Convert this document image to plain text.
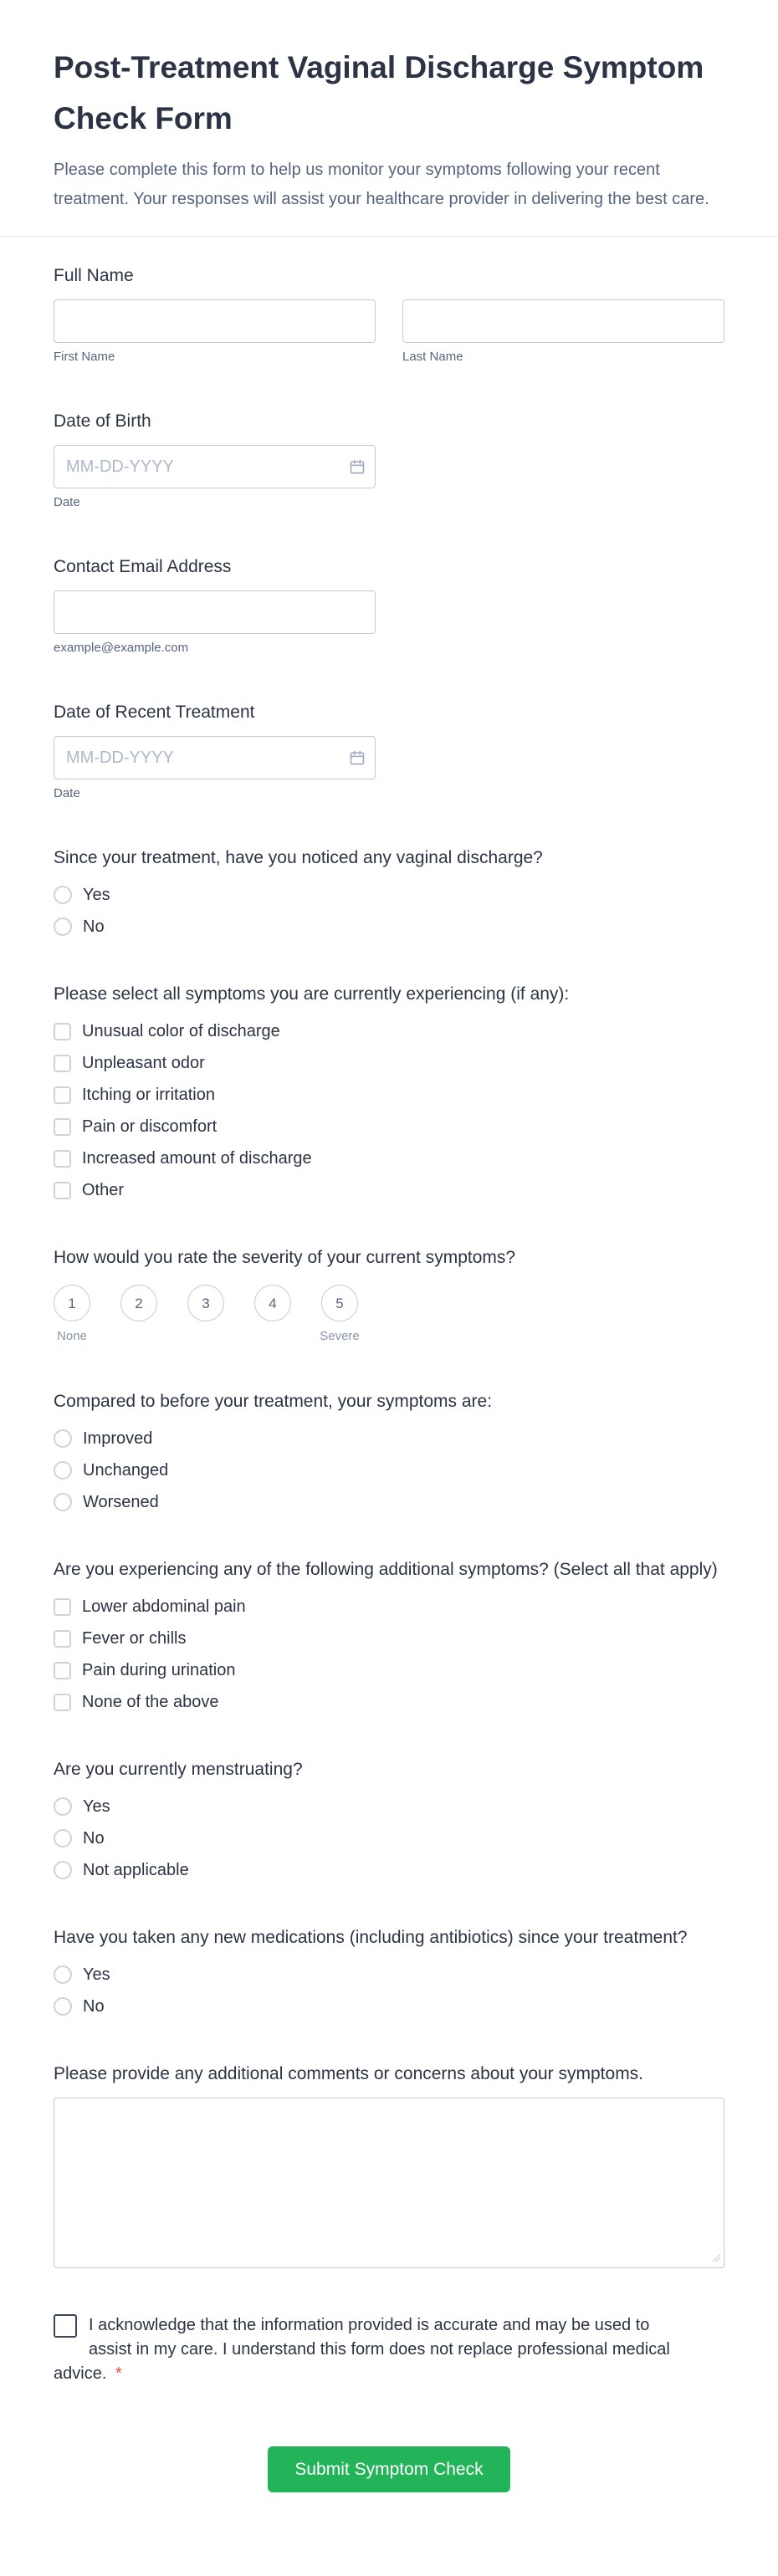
Post-Treatment Vaginal Discharge Symptom Check Form

Please complete this form to help us monitor your symptoms following your recent treatment. Your responses will assist your healthcare provider in delivering the best care.

Full Name
First Name	Last Name
Date of Birth
MM-DD-YYYY
Date
Contact Email Address
example@example.com
Date of Recent Treatment
MM-DD-YYYY
Date
Since your treatment, have you noticed any vaginal discharge?
Yes
No
Please select all symptoms you are currently experiencing (if any):
Unusual color of discharge
Unpleasant odor
Itching or irritation
Pain or discomfort
Increased amount of discharge
Other
How would you rate the severity of your current symptoms?
1
None
2	3	4	5
Severe
Compared to before your treatment, your symptoms are:
Improved
Unchanged
Worsened
Are you experiencing any of the following additional symptoms? (Select all that apply)
Lower abdominal pain
Fever or chills
Pain during urination
None of the above
Are you currently menstruating?
Yes
No
Not applicable
Have you taken any new medications (including antibiotics) since your treatment?
Yes
No
Please provide any additional comments or concerns about your symptoms.
I acknowledge that the information provided is accurate and may be used to assist in my care. I understand this form does not replace professional medical advice. *
Submit Symptom Check
